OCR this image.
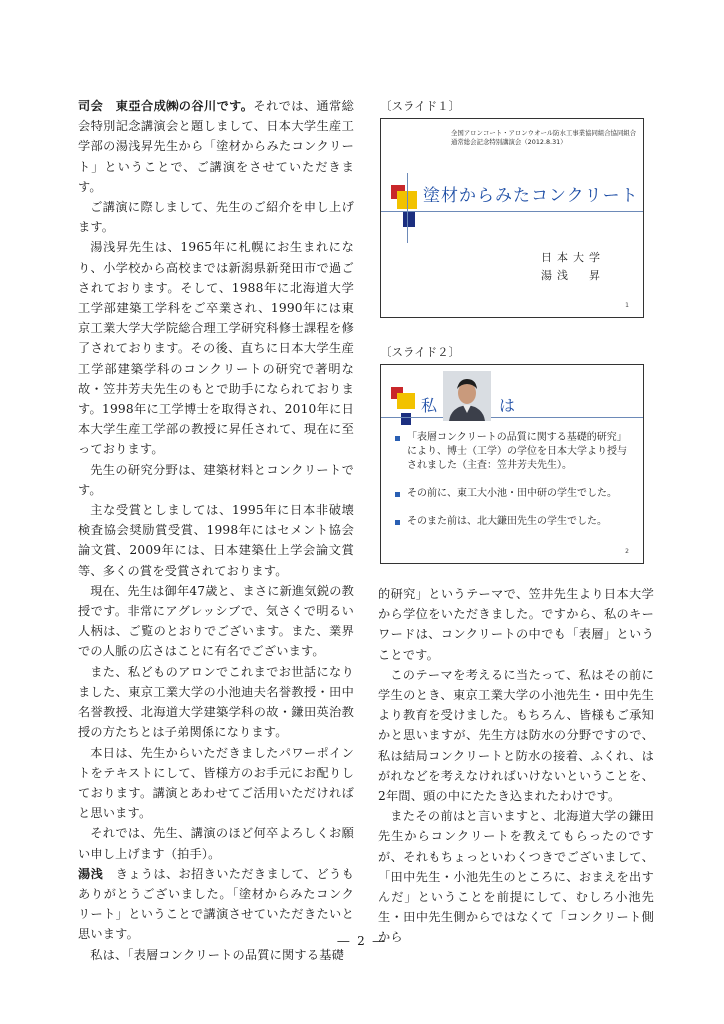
司会　東亞合成㈱の谷川です。それでは、通常総会特別記念講演会と題しまして、日本大学生産工学部の湯浅昇先生から「塗材からみたコンクリート」ということで、ご講演をさせていただきます。

ご講演に際しまして、先生のご紹介を申し上げます。

湯浅昇先生は、1965年に札幌にお生まれになり、小学校から高校までは新潟県新発田市で過ごされております。そして、1988年に北海道大学工学部建築工学科をご卒業され、1990年には東京工業大学大学院総合理工学研究科修士課程を修了されております。その後、直ちに日本大学生産工学部建築学科のコンクリートの研究で著明な故・笠井芳夫先生のもとで助手になられております。1998年に工学博士を取得され、2010年に日本大学生産工学部の教授に昇任されて、現在に至っております。

先生の研究分野は、建築材料とコンクリートです。

主な受賞としましては、1995年に日本非破壊検査協会奨励賞受賞、1998年にはセメント協会論文賞、2009年には、日本建築仕上学会論文賞等、多くの賞を受賞されております。

現在、先生は御年47歳と、まさに新進気鋭の教授です。非常にアグレッシブで、気さくで明るい人柄は、ご覧のとおりでございます。また、業界での人脈の広さはことに有名でございます。

また、私どものアロンでこれまでお世話になりました、東京工業大学の小池迪夫名誉教授・田中名誉教授、北海道大学建築学科の故・鎌田英治教授の方たちとは子弟関係になります。

本日は、先生からいただきましたパワーポイントをテキストにして、皆様方のお手元にお配りしております。講演とあわせてご活用いただければと思います。

それでは、先生、講演のほど何卒よろしくお願い申し上げます（拍手）。

湯浅　きょうは、お招きいただきまして、どうもありがとうございました。「塗材からみたコンクリート」ということで講演させていただきたいと思います。

私は、「表層コンクリートの品質に関する基礎

〔スライド１〕
全国アロンコート・アロンウオール防水工事業協同組合協同組合
通常総会記念特別講演会（2012.8.31）
塗材からみたコンクリート
日本大学
湯浅　昇
1
〔スライド２〕
私	は
「表層コンクリートの品質に関する基礎的研究」により、博士（工学）の学位を日本大学より授与されました（主査：笠井芳夫先生）。
その前に、東工大小池・田中研の学生でした。
そのまた前は、北大鎌田先生の学生でした。
2

的研究」というテーマで、笠井先生より日本大学から学位をいただきました。ですから、私のキーワードは、コンクリートの中でも「表層」ということです。

このテーマを考えるに当たって、私はその前に学生のとき、東京工業大学の小池先生・田中先生より教育を受けました。もちろん、皆様もご承知かと思いますが、先生方は防水の分野ですので、私は結局コンクリートと防水の接着、ふくれ、はがれなどを考えなければいけないということを、2年間、頭の中にたたき込まれたわけです。

またその前はと言いますと、北海道大学の鎌田先生からコンクリートを教えてもらったのですが、それもちょっといわくつきでございまして、「田中先生・小池先生のところに、おまえを出すんだ」ということを前提にして、むしろ小池先生・田中先生側からではなくて「コンクリート側から

― 2 ―
